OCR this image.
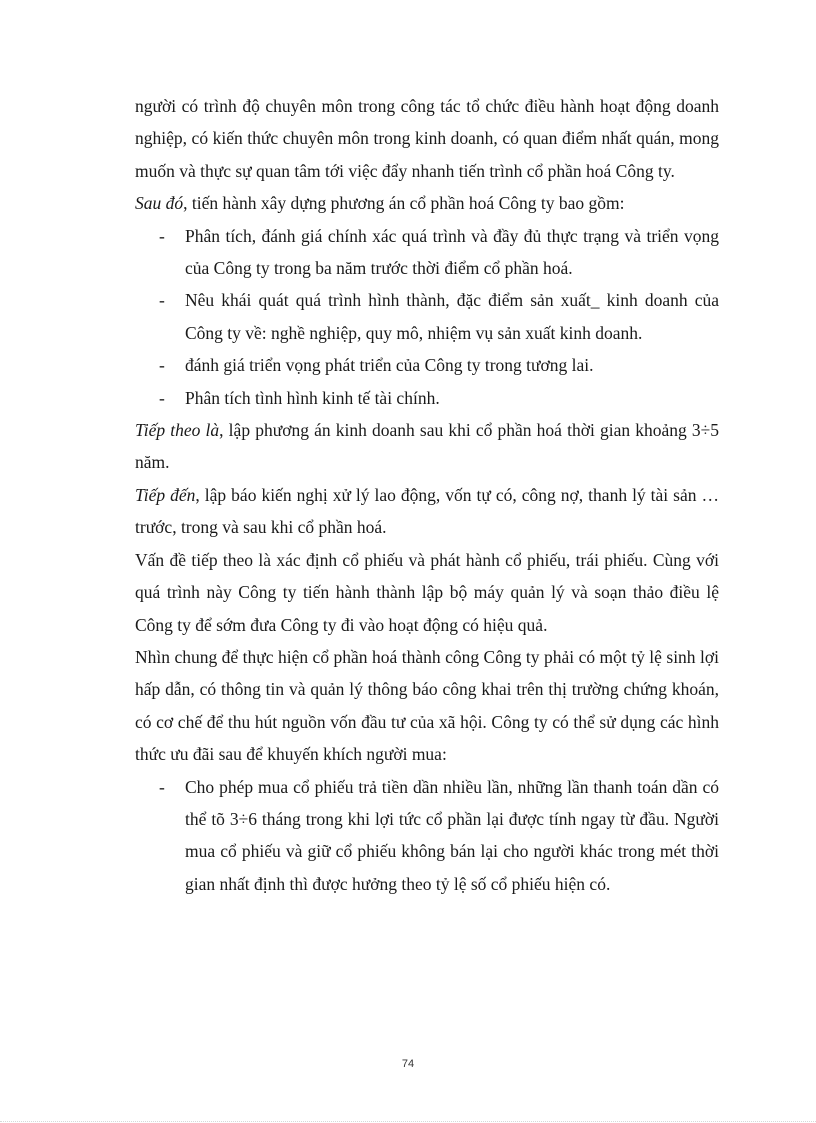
người có trình độ chuyên môn trong công tác tổ chức điều hành hoạt động doanh nghiệp, có kiến thức chuyên môn trong kinh doanh, có quan điểm nhất quán, mong muốn và thực sự quan tâm tới việc đẩy nhanh tiến trình cổ phần hoá Công ty.

Sau đó, tiến hành xây dựng phương án cổ phần hoá Công ty bao gồm:

- Phân tích, đánh giá chính xác quá trình và đầy đủ thực trạng và triển vọng của Công ty trong ba năm trước thời điểm cổ phần hoá.
- Nêu khái quát quá trình hình thành, đặc điểm sản xuất_ kinh doanh của Công ty về: nghề nghiệp, quy mô, nhiệm vụ sản xuất kinh doanh.
- đánh giá triển vọng phát triển của Công ty trong tương lai.
- Phân tích tình hình kinh tế tài chính.

Tiếp theo là, lập phương án kinh doanh sau khi cổ phần hoá thời gian khoảng 3÷5 năm.

Tiếp đến, lập báo kiến nghị xử lý lao động, vốn tự có, công nợ, thanh lý tài sản … trước, trong và sau khi cổ phần hoá.

Vấn đề tiếp theo là xác định cổ phiếu và phát hành cổ phiếu, trái phiếu. Cùng với quá trình này Công ty tiến hành thành lập bộ máy quản lý và soạn thảo điều lệ Công ty để sớm đưa Công ty đi vào hoạt động có hiệu quả.

Nhìn chung để thực hiện cổ phần hoá thành công Công ty phải có một tỷ lệ sinh lợi hấp dẫn, có thông tin và quản lý thông báo công khai trên thị trường chứng khoán, có cơ chế để thu hút nguồn vốn đầu tư của xã hội. Công ty có thể sử dụng các hình thức ưu đãi sau để khuyến khích người mua:

- Cho phép mua cổ phiếu trả tiền dần nhiều lần, những lần thanh toán dần có thể tõ 3÷6 tháng trong khi lợi tức cổ phần lại được tính ngay từ đầu. Người mua cổ phiếu và giữ cổ phiếu không bán lại cho người khác trong mét thời gian nhất định thì được hưởng theo tỷ lệ số cổ phiếu hiện có.
74
